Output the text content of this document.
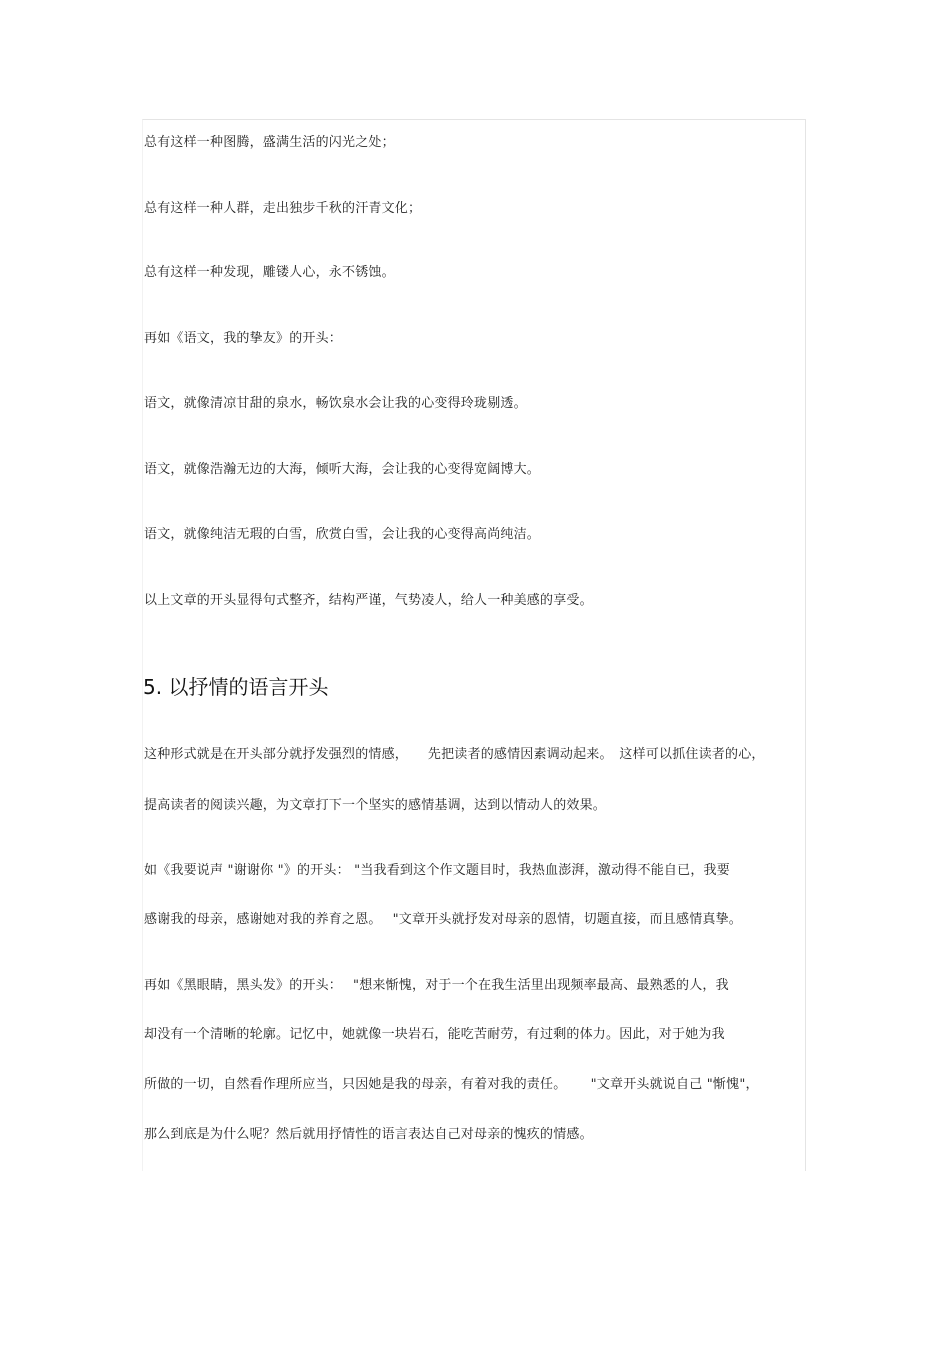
总有这样一种图腾，盛满生活的闪光之处；
总有这样一种人群，走出独步千秋的汗青文化；
总有这样一种发现，雕镂人心，永不锈蚀。
再如《语文，我的挚友》的开头：
语文，就像清凉甘甜的泉水，畅饮泉水会让我的心变得玲珑剔透。
语文，就像浩瀚无边的大海，倾听大海，会让我的心变得宽阔博大。
语文，就像纯洁无瑕的白雪，欣赏白雪，会让我的心变得高尚纯洁。
以上文章的开头显得句式整齐，结构严谨，气势凌人，给人一种美感的享受。
5. 以抒情的语言开头
这种形式就是在开头部分就抒发强烈的情感，　　先把读者的感情因素调动起来。　这样可以抓住读者的心，
提高读者的阅读兴趣，为文章打下一个坚实的感情基调，达到以情动人的效果。
如《我要说声 "谢谢你 "》的开头： "当我看到这个作文题目时，我热血澎湃，激动得不能自已，我要
感谢我的母亲，感谢她对我的养育之恩。　 "文章开头就抒发对母亲的恩情，切题直接，而且感情真挚。
再如《黑眼睛，黑头发》的开头：　 "想来惭愧，对于一个在我生活里出现频率最高、最熟悉的人，我
却没有一个清晰的轮廓。记忆中，她就像一块岩石，能吃苦耐劳，有过剩的体力。因此，对于她为我
所做的一切，自然看作理所应当，只因她是我的母亲，有着对我的责任。　　 "文章开头就说自己 "惭愧"，
那么到底是为什么呢？然后就用抒情性的语言表达自己对母亲的愧疚的情感。
